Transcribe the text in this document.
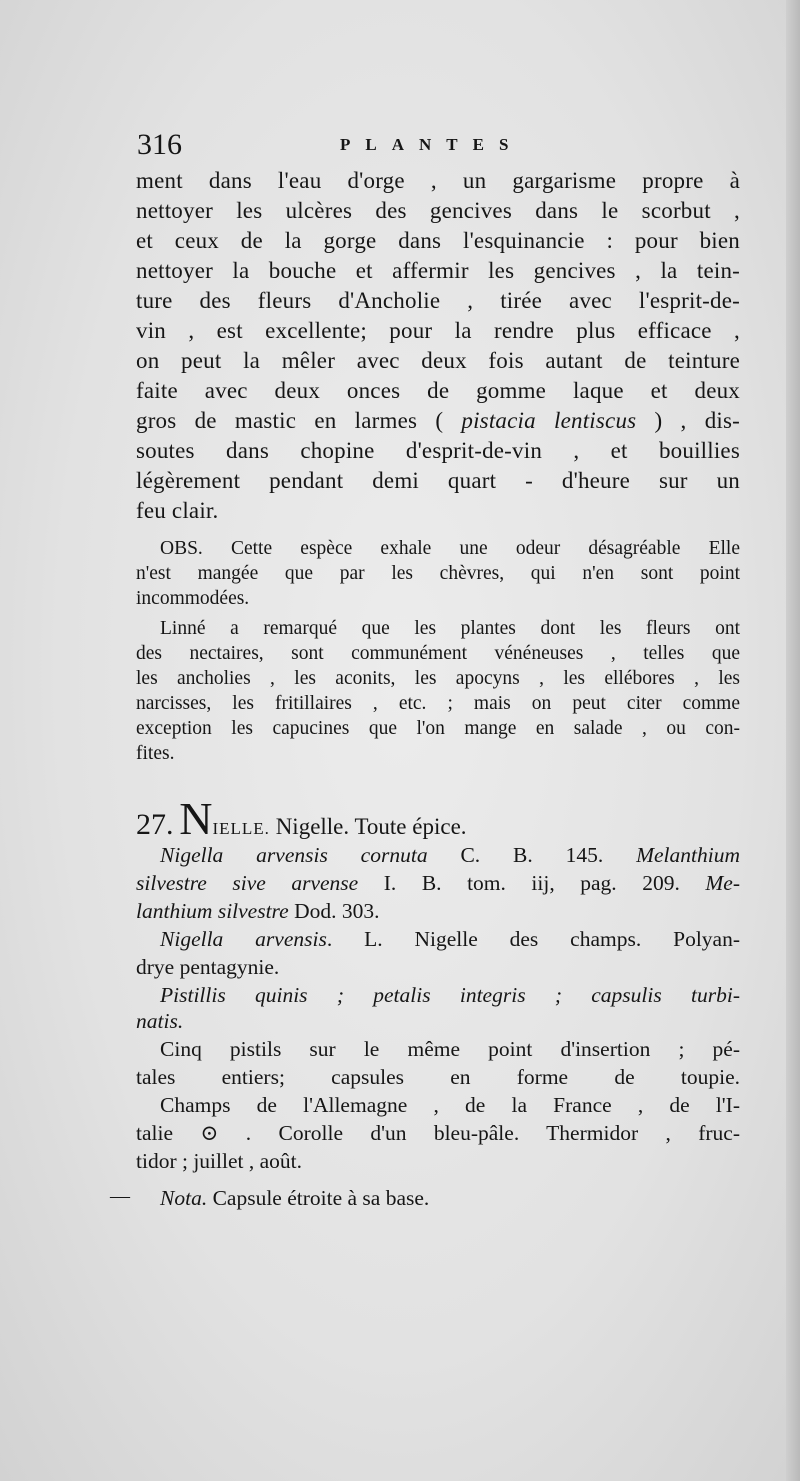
316	PLANTES
ment dans l'eau d'orge , un gargarisme propre à
nettoyer les ulcères des gencives dans le scorbut ,
et ceux de la gorge dans l'esquinancie : pour bien
nettoyer la bouche et affermir les gencives , la tein-
ture des fleurs d'Ancholie , tirée avec l'esprit-de-
vin , est excellente; pour la rendre plus efficace ,
on peut la mêler avec deux fois autant de teinture
faite avec deux onces de gomme laque et deux
gros de mastic en larmes ( pistacia lentiscus ) , dis-
soutes dans chopine d'esprit-de-vin , et bouillies
légèrement pendant demi quart - d'heure sur un
feu clair.
OBS. Cette espèce exhale une odeur désagréable Elle
n'est mangée que par les chèvres, qui n'en sont point
incommodées.
Linné a remarqué que les plantes dont les fleurs ont
des nectaires, sont communément vénéneuses , telles que
les ancholies , les aconits, les apocyns , les ellébores , les
narcisses, les fritillaires , etc. ; mais on peut citer comme
exception les capucines que l'on mange en salade , ou con-
fites.
27. NIELLE. Nigelle. Toute épice.
Nigella arvensis cornuta C. B. 145. Melanthium
silvestre sive arvense I. B. tom. iij, pag. 209. Me-
lanthium silvestre Dod. 303.
Nigella arvensis. L. Nigelle des champs. Polyan-
drye pentagynie.
Pistillis quinis ; petalis integris ; capsulis turbi-
natis.
Cinq pistils sur le même point d'insertion ; pé-
tales entiers; capsules en forme de toupie.
Champs de l'Allemagne , de la France , de l'I-
talie ⊙ . Corolle d'un bleu-pâle. Thermidor , fruc-
tidor ; juillet , août.
— Nota. Capsule étroite à sa base.
